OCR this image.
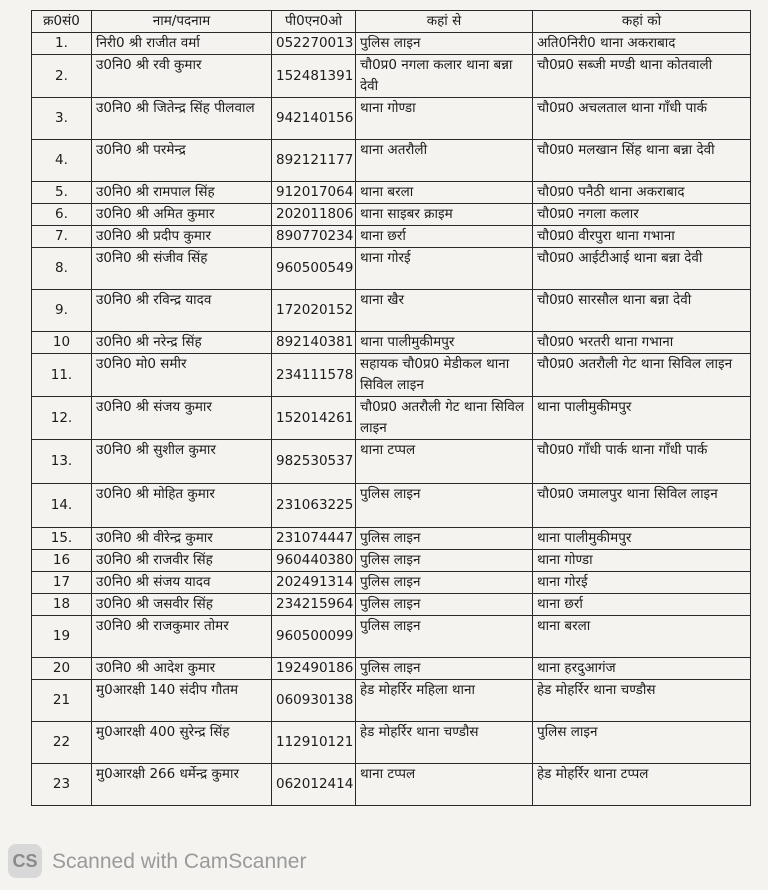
क्र0सं0	नाम/पदनाम	पी0एन0ओ	कहां से	कहां को
1.	निरी0 श्री राजीत वर्मा	052270013	पुलिस लाइन	अति0निरी0 थाना अकराबाद
2.	उ0नि0 श्री रवी कुमार	152481391	चौ0प्र0 नगला कलार थाना बन्ना देवी	चौ0प्र0 सब्जी मण्डी थाना कोतवाली
3.	उ0नि0 श्री जितेन्द्र सिंह पीलवाल	942140156	थाना गोण्डा	चौ0प्र0 अचलताल थाना गाँधी पार्क
4.	उ0नि0 श्री परमेन्द्र	892121177	थाना अतरौली	चौ0प्र0 मलखान सिंह थाना बन्ना देवी
5.	उ0नि0 श्री रामपाल सिंह	912017064	थाना बरला	चौ0प्र0 पनैठी थाना अकराबाद
6.	उ0नि0 श्री अमित कुमार	202011806	थाना साइबर क्राइम	चौ0प्र0 नगला कलार
7.	उ0नि0 श्री प्रदीप कुमार	890770234	थाना छर्रा	चौ0प्र0 वीरपुरा थाना गभाना
8.	उ0नि0 श्री संजीव सिंह	960500549	थाना गोरई	चौ0प्र0 आईटीआई थाना बन्ना देवी
9.	उ0नि0 श्री रविन्द्र यादव	172020152	थाना खैर	चौ0प्र0 सारसौल थाना बन्ना देवी
10	उ0नि0 श्री नरेन्द्र सिंह	892140381	थाना पालीमुकीमपुर	चौ0प्र0 भरतरी थाना गभाना
11.	उ0नि0 मो0 समीर	234111578	सहायक चौ0प्र0 मेडीकल थाना सिविल लाइन	चौ0प्र0 अतरौली गेट थाना सिविल लाइन
12.	उ0नि0 श्री संजय कुमार	152014261	चौ0प्र0 अतरौली गेट थाना सिविल लाइन	थाना पालीमुकीमपुर
13.	उ0नि0 श्री सुशील कुमार	982530537	थाना टप्पल	चौ0प्र0 गाँधी पार्क थाना गाँधी पार्क
14.	उ0नि0 श्री मोहित कुमार	231063225	पुलिस लाइन	चौ0प्र0 जमालपुर थाना सिविल लाइन
15.	उ0नि0 श्री वीरेन्द्र कुमार	231074447	पुलिस लाइन	थाना पालीमुकीमपुर
16	उ0नि0 श्री राजवीर सिंह	960440380	पुलिस लाइन	थाना गोण्डा
17	उ0नि0 श्री संजय यादव	202491314	पुलिस लाइन	थाना गोरई
18	उ0नि0 श्री जसवीर सिंह	234215964	पुलिस लाइन	थाना छर्रा
19	उ0नि0 श्री राजकुमार तोमर	960500099	पुलिस लाइन	थाना बरला
20	उ0नि0 श्री आदेश कुमार	192490186	पुलिस लाइन	थाना हरदुआगंज
21	मु0आरक्षी 140 संदीप गौतम	060930138	हेड मोहर्रिर महिला थाना	हेड मोहर्रिर थाना चण्डौस
22	मु0आरक्षी 400 सुरेन्द्र सिंह	112910121	हेड मोहर्रिर थाना चण्डौस	पुलिस लाइन
23	मु0आरक्षी 266 धर्मेन्द्र कुमार	062012414	थाना टप्पल	हेड मोहर्रिर थाना टप्पल
CS Scanned with CamScanner
